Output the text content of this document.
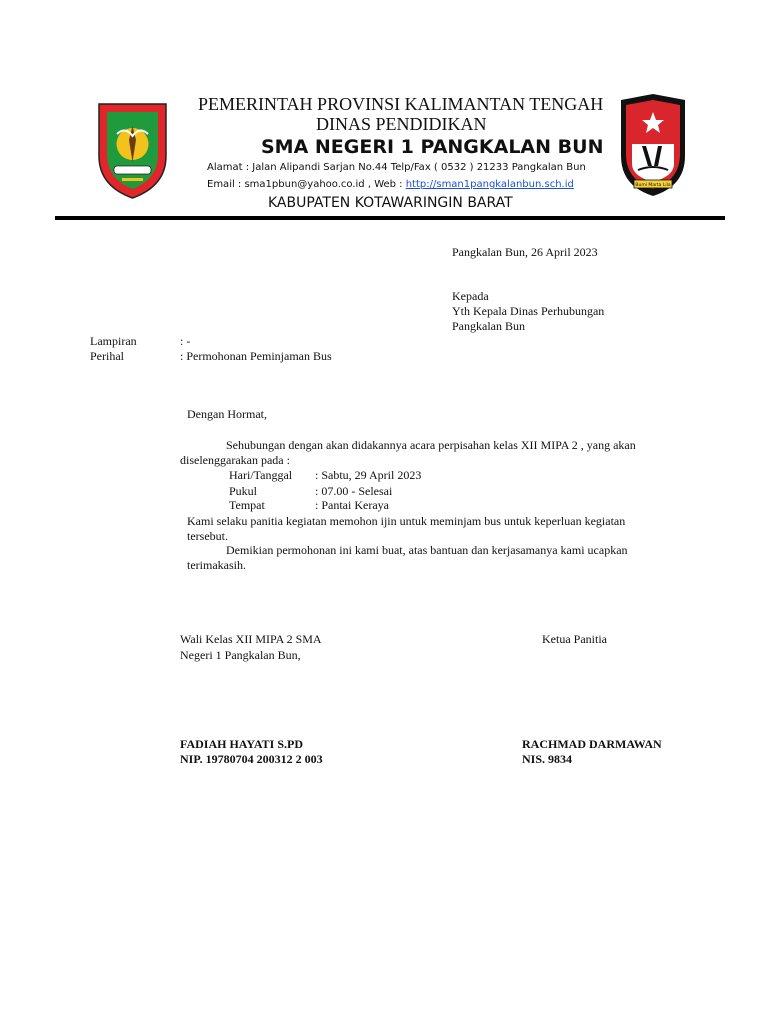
PEMERINTAH PROVINSI KALIMANTAN TENGAH
DINAS PENDIDIKAN
SMA NEGERI 1 PANGKALAN BUN
Alamat : Jalan Alipandi Sarjan No.44 Telp/Fax ( 0532 ) 21233 Pangkalan Bun
Email : sma1pbun@yahoo.co.id , Web : http://sman1pangkalanbun.sch.id
KABUPATEN KOTAWARINGIN BARAT
Bumi Marta Lila
Pangkalan Bun, 26 April 2023
Kepada
Yth Kepala Dinas Perhubungan
Pangkalan Bun
Lampiran	: -
Perihal	: Permohonan Peminjaman Bus
Dengan Hormat,
Sehubungan dengan akan didakannya acara perpisahan kelas XII MIPA 2 , yang akan
diselenggarakan pada :
Hari/Tanggal : Sabtu, 29 April 2023
Pukul	: 07.00 - Selesai
Tempat	: Pantai Keraya
Kami selaku panitia kegiatan memohon ijin untuk meminjam bus untuk keperluan kegiatan
tersebut.
Demikian permohonan ini kami buat, atas bantuan dan kerjasamanya kami ucapkan
terimakasih.
Wali Kelas XII MIPA 2 SMA
Negeri 1 Pangkalan Bun,
Ketua Panitia
FADIAH HAYATI S.PD
NIP. 19780704 200312 2 003
RACHMAD DARMAWAN
NIS. 9834
